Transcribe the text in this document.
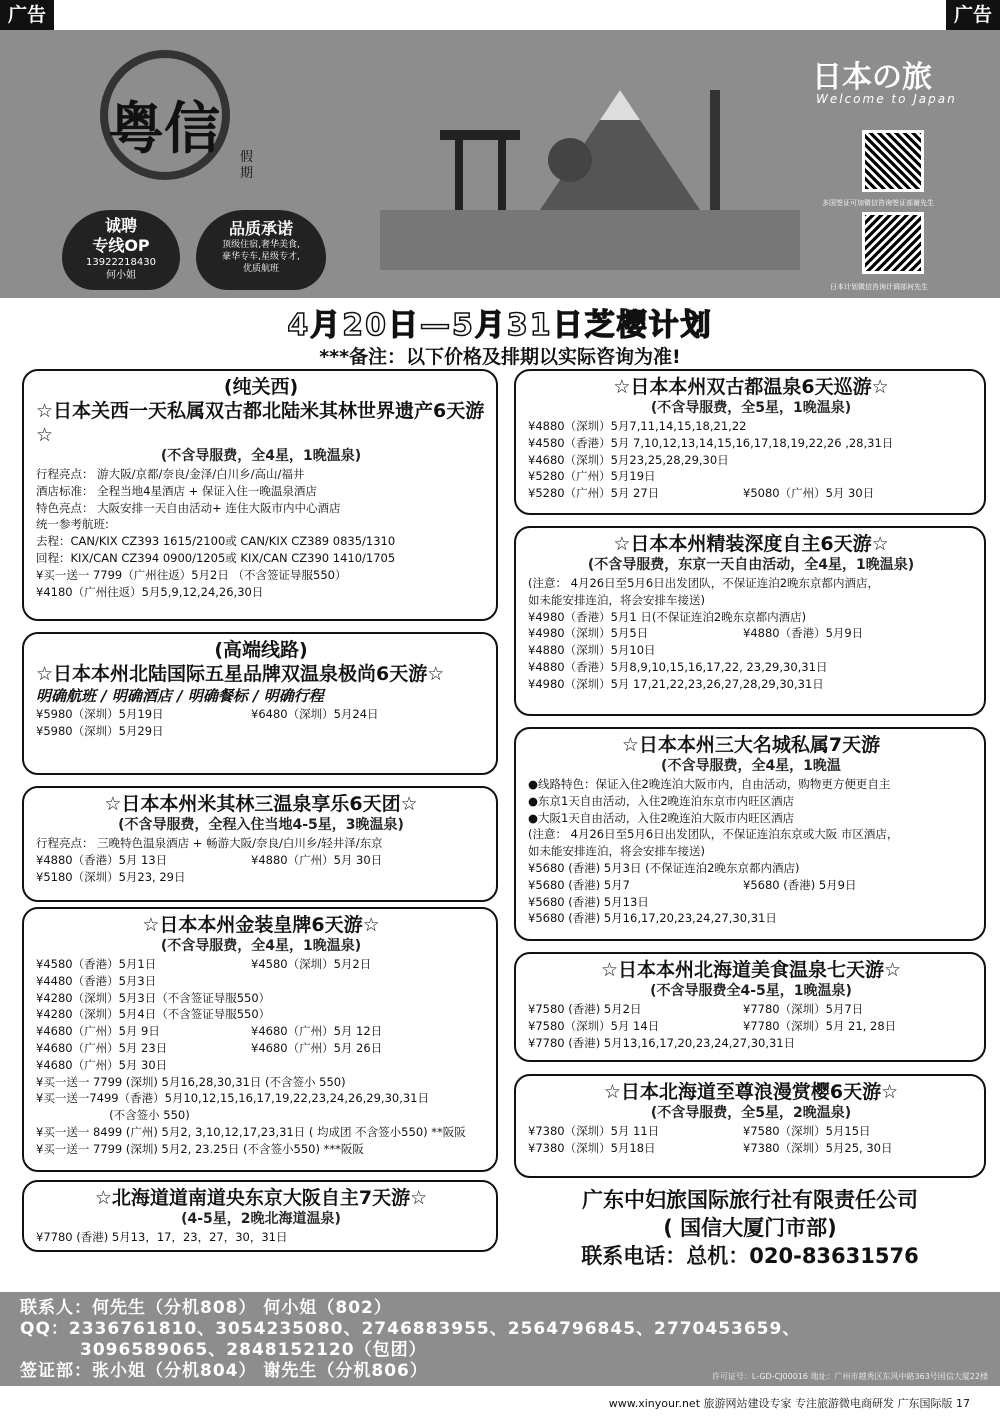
广告	广告
粤信 假期
诚聘
专线OP
13922218430
何小姐
品质承诺
顶级住宿,奢华美食,
豪华专车,星级专才,
优质航班
日本の旅
Welcome to Japan
多国签证可加微信咨询签证部谢先生
日本计划微信咨询计调部何先生
4月20日—5月31日芝樱计划
***备注：以下价格及排期以实际咨询为准!
(纯关西)
☆日本关西一天私属双古都北陆米其林世界遗产6天游☆
(不含导服费，全4星，1晚温泉)
行程亮点： 游大阪/京都/奈良/金泽/白川乡/高山/福井
酒店标准： 全程当地4星酒店 + 保证入住一晚温泉酒店
特色亮点： 大阪安排一天自由活动+ 连住大阪市内中心酒店
统一参考航班:
去程：CAN/KIX CZ393 1615/2100或 CAN/KIX CZ389 0835/1310
回程：KIX/CAN CZ394 0900/1205或 KIX/CAN CZ390 1410/1705
¥买一送一 7799（广州往返）5月2日 （不含签证导服550）
¥4180（广州往返）5月5,9,12,24,26,30日
(高端线路)
☆日本本州北陆国际五星品牌双温泉极尚6天游☆
明确航班 / 明确酒店 / 明确餐标 / 明确行程
¥5980（深圳）5月19日	¥6480（深圳）5月24日
¥5980（深圳）5月29日
☆日本本州米其林三温泉享乐6天团☆
(不含导服费，全程入住当地4-5星，3晚温泉)
行程亮点： 三晚特色温泉酒店 + 畅游大阪/奈良/白川乡/轻井泽/东京
¥4880（香港）5月 13日	¥4880（广州）5月 30日
¥5180（深圳）5月23, 29日
☆日本本州金装皇牌6天游☆
(不含导服费，全4星，1晚温泉)
¥4580（香港）5月1日	¥4580（深圳）5月2日
¥4480（香港）5月3日
¥4280（深圳）5月3日（不含签证导服550）
¥4280（深圳）5月4日（不含签证导服550）
¥4680（广州）5月 9日	¥4680（广州）5月 12日
¥4680（广州）5月 23日	¥4680（广州）5月 26日
¥4680（广州）5月 30日
¥买一送一 7799 (深圳) 5月16,28,30,31日 (不含签小 550)
¥买一送一7499（香港）5月10,12,15,16,17,19,22,23,24,26,29,30,31日
(不含签小 550)
¥买一送一 8499 (广州) 5月2, 3,10,12,17,23,31日 ( 均成团 不含签小550) **阪阪
¥买一送一 7799 (深圳) 5月2, 23.25日 (不含签小550) ***阪阪
☆北海道道南道央东京大阪自主7天游☆
(4-5星，2晚北海道温泉)
¥7780 (香港) 5月13，17，23，27，30，31日
☆日本本州双古都温泉6天巡游☆
(不含导服费，全5星，1晚温泉)
¥4880（深圳）5月7,11,14,15,18,21,22
¥4580（香港）5月 7,10,12,13,14,15,16,17,18,19,22,26 ,28,31日
¥4680（深圳）5月23,25,28,29,30日
¥5280（广州）5月19日
¥5280（广州）5月 27日	¥5080（广州）5月 30日
☆日本本州精装深度自主6天游☆
(不含导服费，东京一天自由活动，全4星，1晚温泉)
(注意： 4月26日至5月6日出发团队，不保证连泊2晚东京都内酒店，
如未能安排连泊，将会安排车接送)
¥4980（香港）5月1 日(不保证连泊2晚东京都内酒店)
¥4980（深圳）5月5日	¥4880（香港）5月9日
¥4880（深圳）5月10日
¥4880（香港）5月8,9,10,15,16,17,22, 23,29,30,31日
¥4980（深圳）5月 17,21,22,23,26,27,28,29,30,31日
☆日本本州三大名城私属7天游
(不含导服费，全4星，1晚温
●线路特色：保证入住2晚连泊大阪市内，自由活动，购物更方便更自主
●东京1天自由活动，入住2晚连泊东京市内旺区酒店
●大阪1天自由活动，入住2晚连泊大阪市内旺区酒店
(注意： 4月26日至5月6日出发团队，不保证连泊东京或大阪 市区酒店，
如未能安排连泊，将会安排车接送)
¥5680 (香港) 5月3日 (不保证连泊2晚东京都内酒店)
¥5680 (香港) 5月7	¥5680 (香港) 5月9日
¥5680 (香港) 5月13日
¥5680 (香港) 5月16,17,20,23,24,27,30,31日
☆日本本州北海道美食温泉七天游☆
(不含导服费全4-5星，1晚温泉)
¥7580 (香港) 5月2日	¥7780（深圳）5月7日
¥7580（深圳）5月 14日	¥7780（深圳）5月 21, 28日
¥7780 (香港) 5月13,16,17,20,23,24,27,30,31日
☆日本北海道至尊浪漫赏樱6天游☆
(不含导服费，全5星，2晚温泉)
¥7380（深圳）5月 11日	¥7580（深圳）5月15日
¥7380（深圳）5月18日	¥7380（深圳）5月25, 30日
广东中妇旅国际旅行社有限责任公司
( 国信大厦门市部)
联系电话：总机：020-83631576
联系人：何先生（分机808） 何小姐（802）
QQ：2336761810、3054235080、2746883955、2564796845、2770453659、
3096589065、2848152120（包团）
签证部：张小姐（分机804） 谢先生（分机806）	许可证号：L-GD-CJ00016 地址：广州市越秀区东风中路363号国信大厦22楼
www.xinyour.net 旅游网站建设专家 专注旅游微电商研发 广东国际版 17
